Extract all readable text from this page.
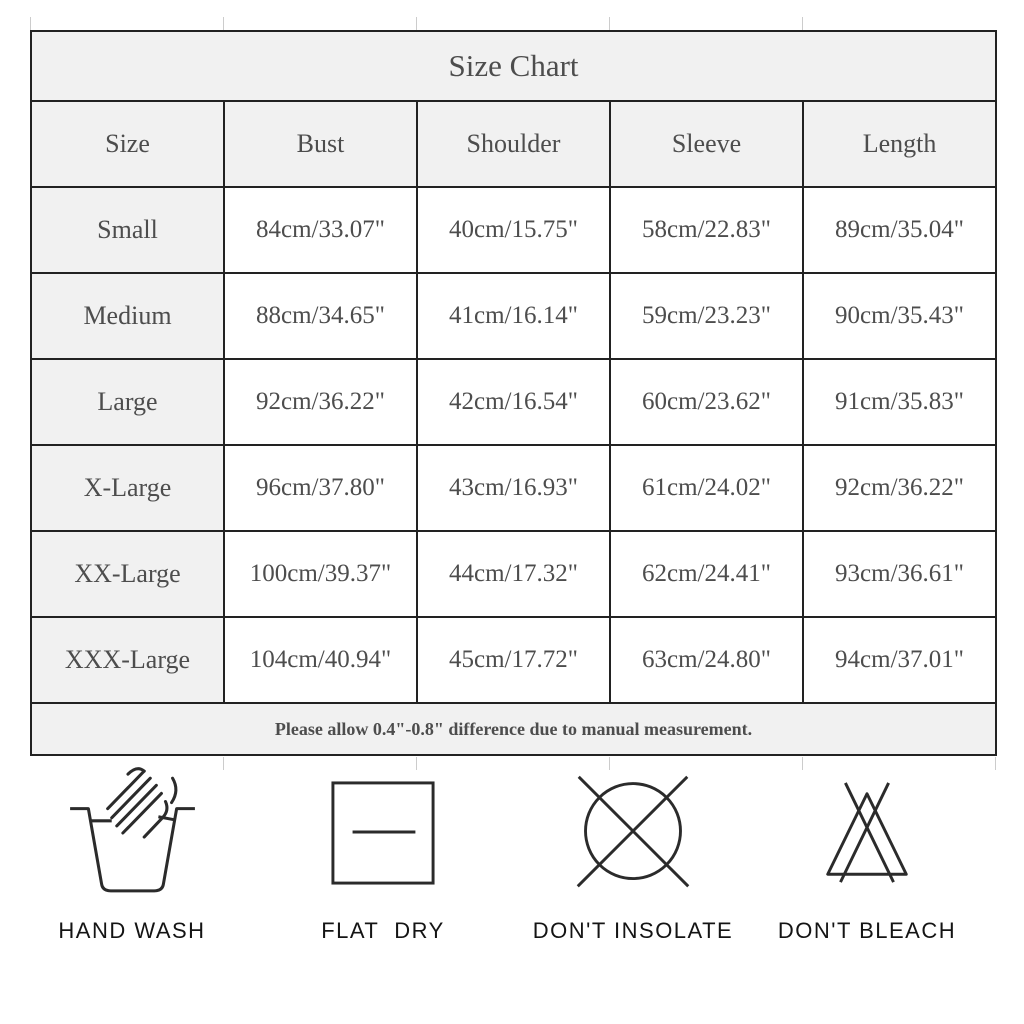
Size Chart				
Size	Bust	Shoulder	Sleeve	Length
Small	84cm/33.07"	40cm/15.75"	58cm/22.83"	89cm/35.04"
Medium	88cm/34.65"	41cm/16.14"	59cm/23.23"	90cm/35.43"
Large	92cm/36.22"	42cm/16.54"	60cm/23.62"	91cm/35.83"
X-Large	96cm/37.80"	43cm/16.93"	61cm/24.02"	92cm/36.22"
XX-Large	100cm/39.37"	44cm/17.32"	62cm/24.41"	93cm/36.61"
XXX-Large	104cm/40.94"	45cm/17.72"	63cm/24.80"	94cm/37.01"
Please allow 0.4"-0.8" difference due to manual measurement.				
HAND WASH	FLAT  DRY	DON'T INSOLATE	DON'T BLEACH
